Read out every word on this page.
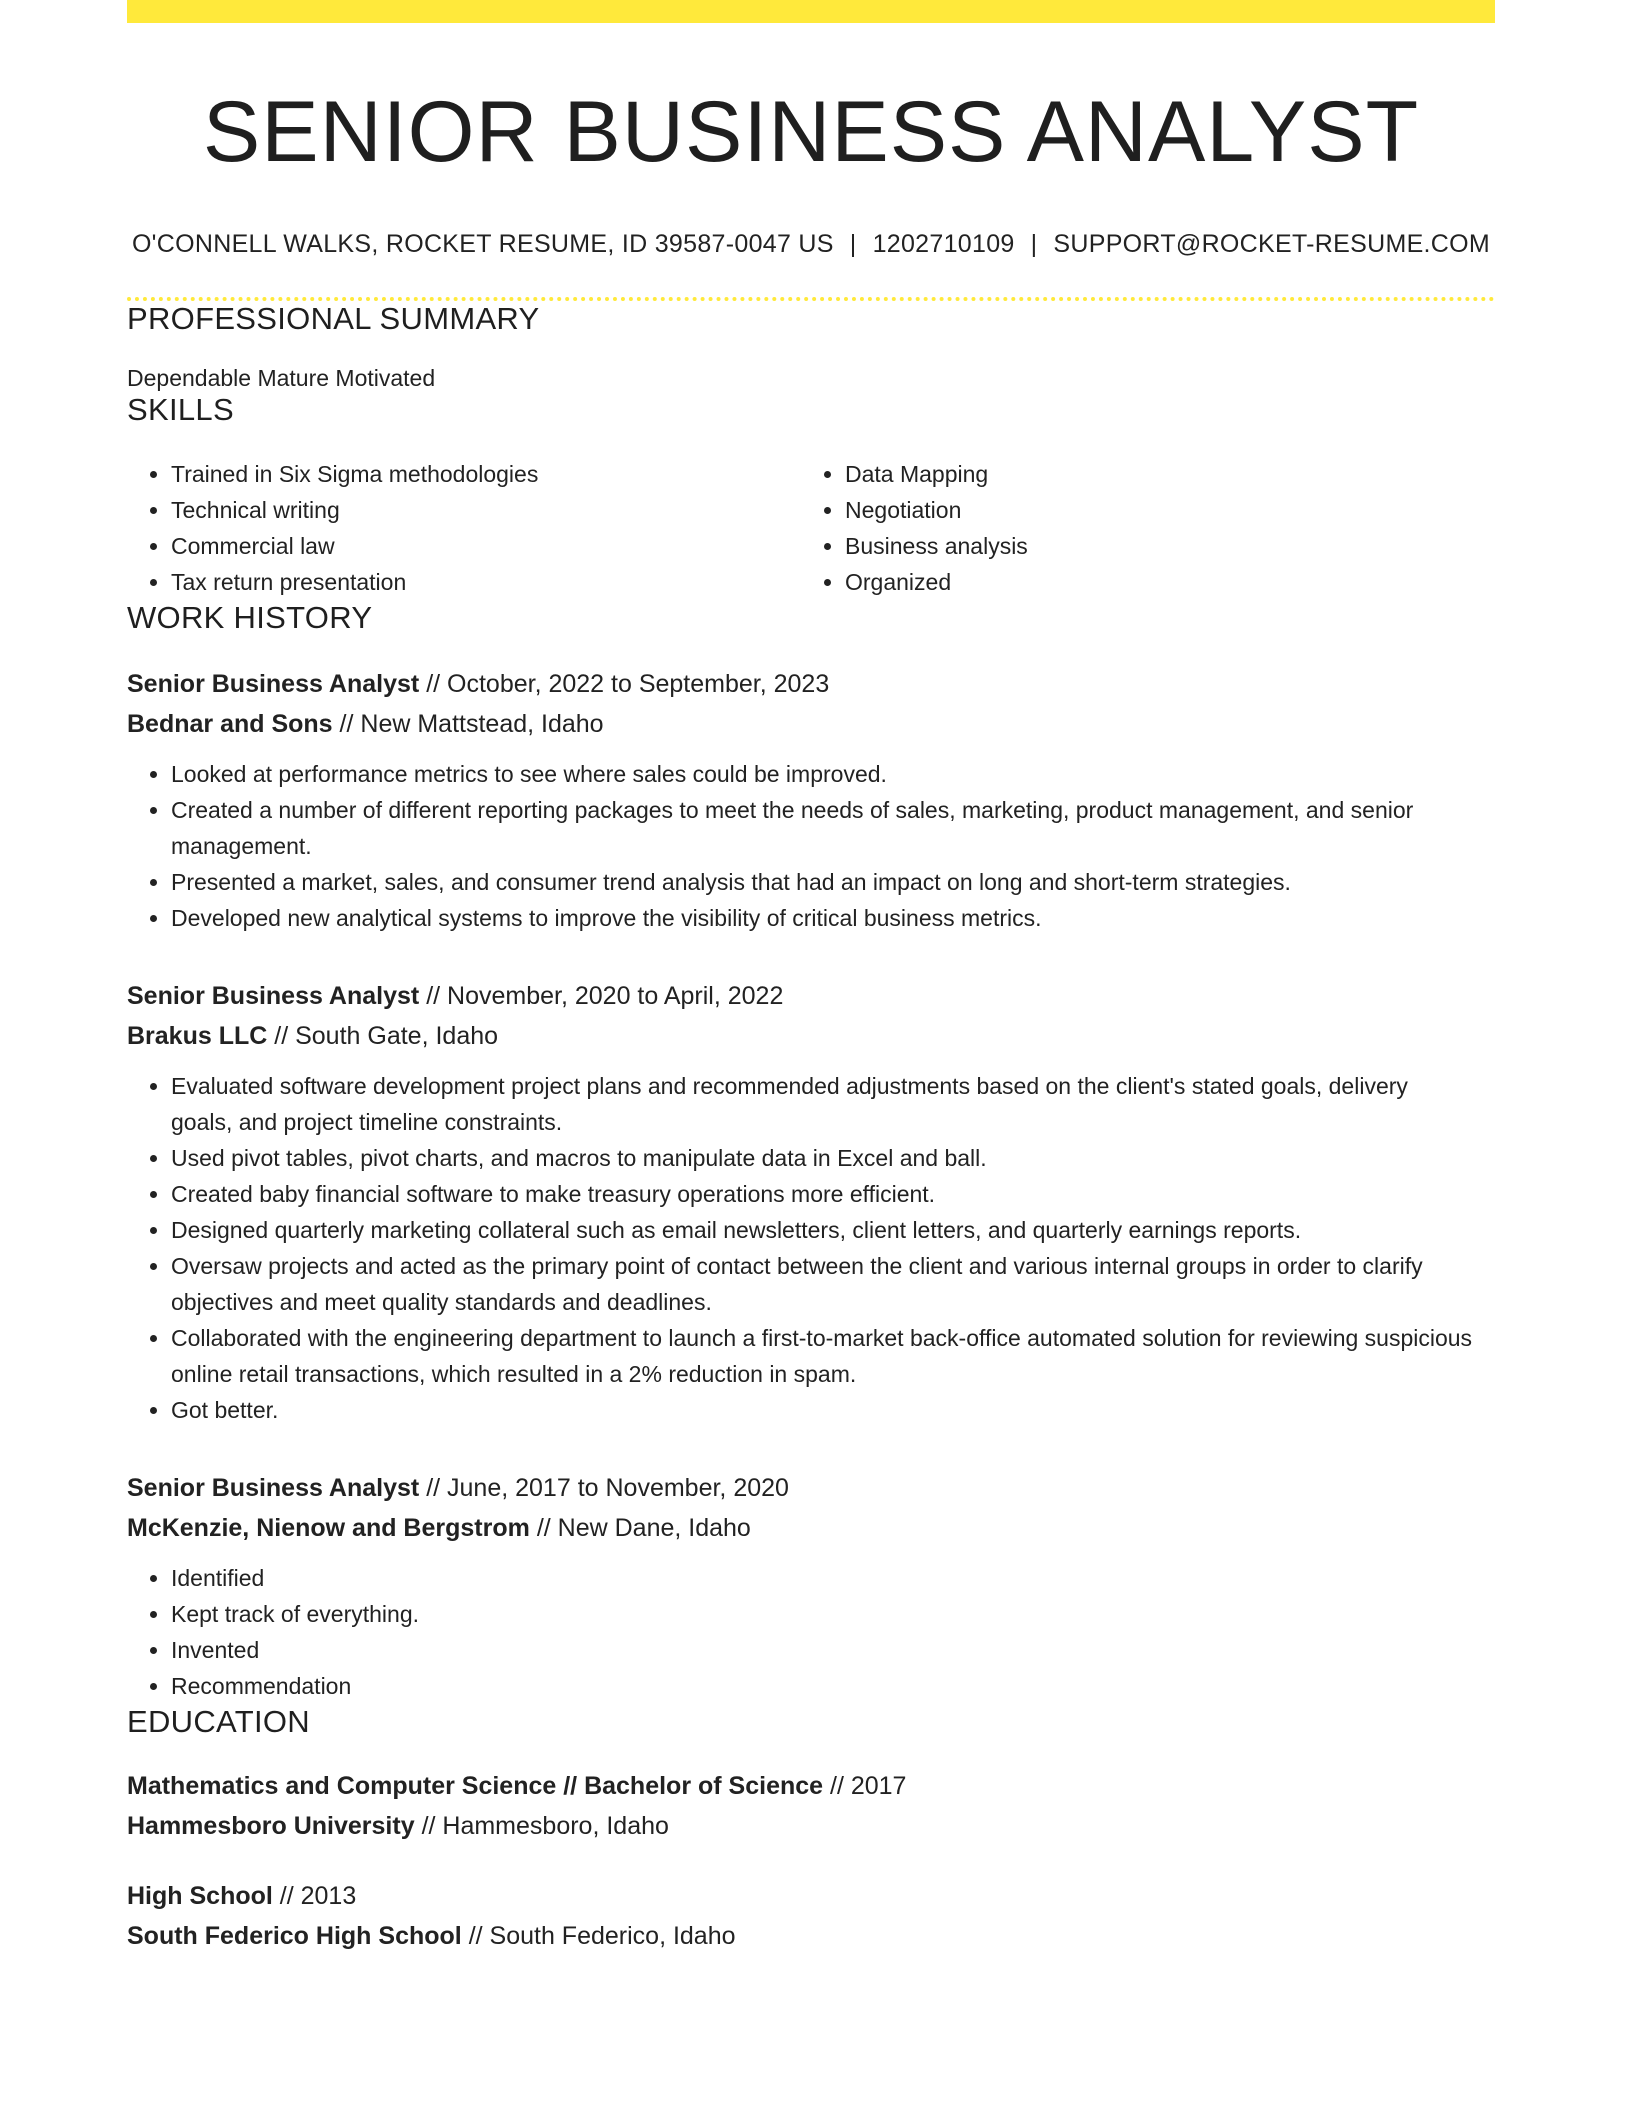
SENIOR BUSINESS ANALYST
O'CONNELL WALKS, ROCKET RESUME, ID 39587-0047 US | 1202710109 | SUPPORT@ROCKET-RESUME.COM
PROFESSIONAL SUMMARY
Dependable Mature Motivated
SKILLS
• Trained in Six Sigma methodologies
• Technical writing
• Commercial law
• Tax return presentation
• Data Mapping
• Negotiation
• Business analysis
• Organized
WORK HISTORY
Senior Business Analyst // October, 2022 to September, 2023
Bednar and Sons // New Mattstead, Idaho
• Looked at performance metrics to see where sales could be improved.
• Created a number of different reporting packages to meet the needs of sales, marketing, product management, and senior management.
• Presented a market, sales, and consumer trend analysis that had an impact on long and short-term strategies.
• Developed new analytical systems to improve the visibility of critical business metrics.
Senior Business Analyst // November, 2020 to April, 2022
Brakus LLC // South Gate, Idaho
• Evaluated software development project plans and recommended adjustments based on the client's stated goals, delivery goals, and project timeline constraints.
• Used pivot tables, pivot charts, and macros to manipulate data in Excel and ball.
• Created baby financial software to make treasury operations more efficient.
• Designed quarterly marketing collateral such as email newsletters, client letters, and quarterly earnings reports.
• Oversaw projects and acted as the primary point of contact between the client and various internal groups in order to clarify objectives and meet quality standards and deadlines.
• Collaborated with the engineering department to launch a first-to-market back-office automated solution for reviewing suspicious online retail transactions, which resulted in a 2% reduction in spam.
• Got better.
Senior Business Analyst // June, 2017 to November, 2020
McKenzie, Nienow and Bergstrom // New Dane, Idaho
• Identified
• Kept track of everything.
• Invented
• Recommendation
EDUCATION
Mathematics and Computer Science // Bachelor of Science // 2017
Hammesboro University // Hammesboro, Idaho
High School // 2013
South Federico High School // South Federico, Idaho
